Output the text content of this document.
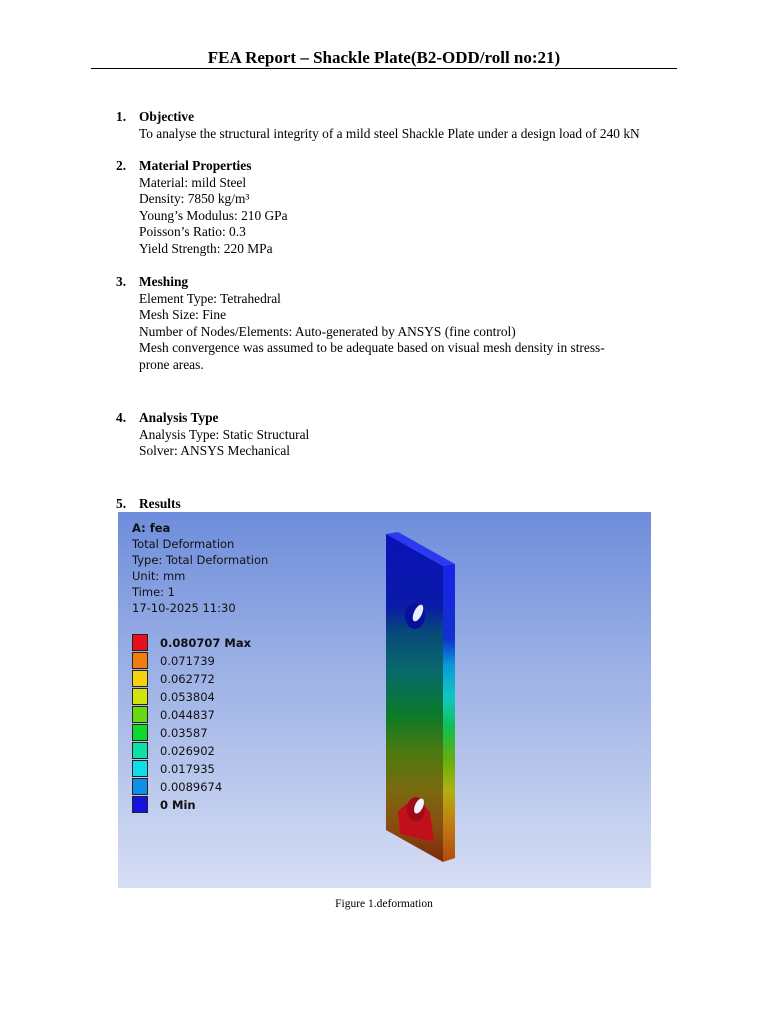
FEA Report – Shackle Plate(B2-ODD/roll no:21)
1. Objective
To analyse the structural integrity of a mild steel Shackle Plate under a design load of 240 kN
2. Material Properties
Material: mild Steel
Density: 7850 kg/m³
Young’s Modulus: 210 GPa
Poisson’s Ratio: 0.3
Yield Strength: 220 MPa
3. Meshing
Element Type: Tetrahedral
Mesh Size: Fine
Number of Nodes/Elements: Auto-generated by ANSYS (fine control)
Mesh convergence was assumed to be adequate based on visual mesh density in stress-
prone areas.
4. Analysis Type
Analysis Type: Static Structural
Solver: ANSYS Mechanical
5. Results
A: fea
Total Deformation
Type: Total Deformation
Unit: mm
Time: 1
17-10-2025 11:30
0.080707 Max
0.071739
0.062772
0.053804
0.044837
0.03587
0.026902
0.017935
0.0089674
0 Min
Figure 1.deformation
